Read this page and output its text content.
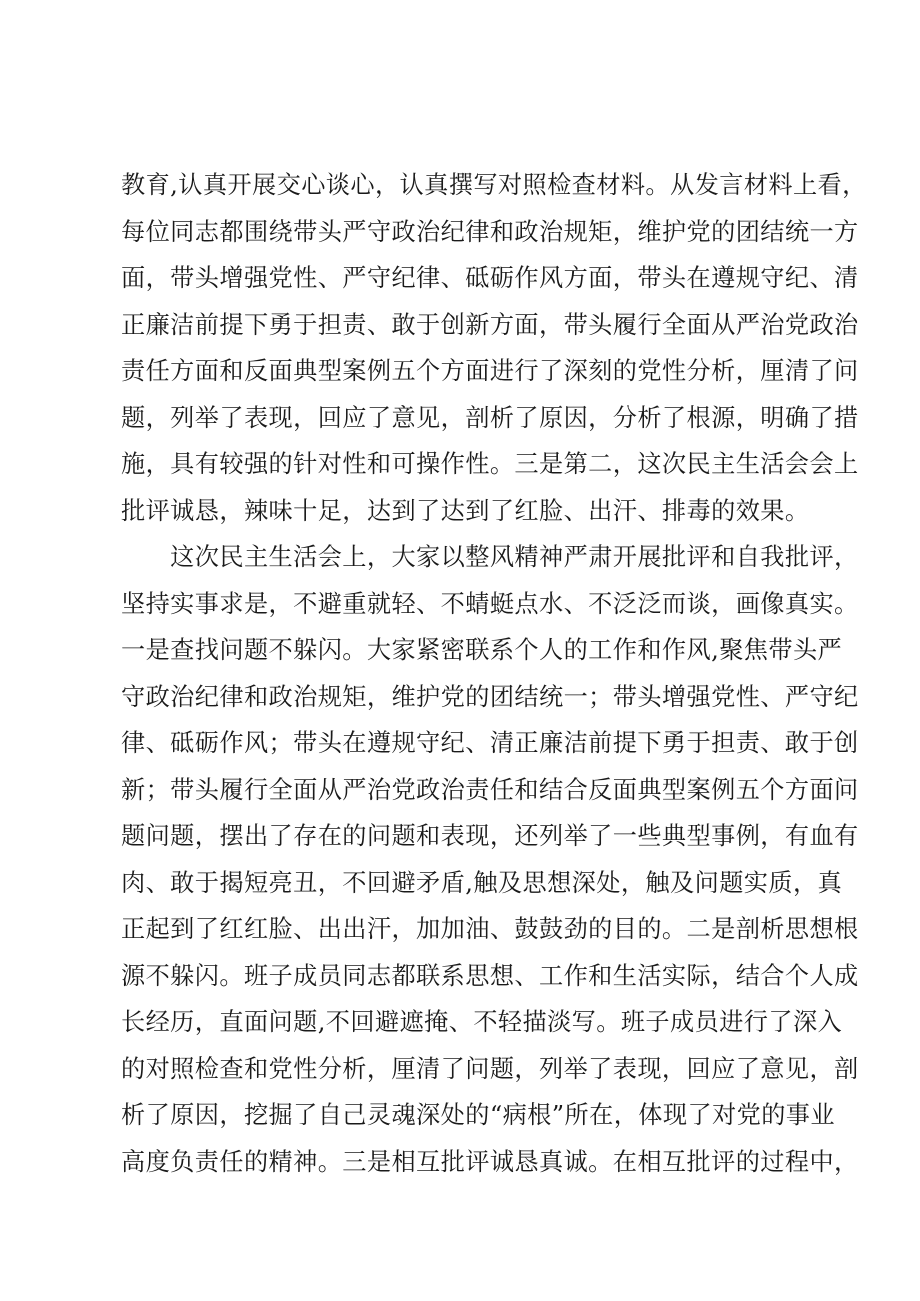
教育,认真开展交心谈心，认真撰写对照检查材料。从发言材料上看，
每位同志都围绕带头严守政治纪律和政治规矩，维护党的团结统一方
面，带头增强党性、严守纪律、砥砺作风方面，带头在遵规守纪、清
正廉洁前提下勇于担责、敢于创新方面，带头履行全面从严治党政治
责任方面和反面典型案例五个方面进行了深刻的党性分析，厘清了问
题，列举了表现，回应了意见，剖析了原因，分析了根源，明确了措
施，具有较强的针对性和可操作性。三是第二，这次民主生活会会上
批评诚恳，辣味十足，达到了达到了红脸、出汗、排毒的效果。
　　这次民主生活会上，大家以整风精神严肃开展批评和自我批评，
坚持实事求是，不避重就轻、不蜻蜓点水、不泛泛而谈，画像真实。
一是查找问题不躲闪。大家紧密联系个人的工作和作风,聚焦带头严
守政治纪律和政治规矩，维护党的团结统一；带头增强党性、严守纪
律、砥砺作风；带头在遵规守纪、清正廉洁前提下勇于担责、敢于创
新；带头履行全面从严治党政治责任和结合反面典型案例五个方面问
题问题，摆出了存在的问题和表现，还列举了一些典型事例，有血有
肉、敢于揭短亮丑，不回避矛盾,触及思想深处，触及问题实质，真
正起到了红红脸、出出汗，加加油、鼓鼓劲的目的。二是剖析思想根
源不躲闪。班子成员同志都联系思想、工作和生活实际，结合个人成
长经历，直面问题,不回避遮掩、不轻描淡写。班子成员进行了深入
的对照检查和党性分析，厘清了问题，列举了表现，回应了意见，剖
析了原因，挖掘了自己灵魂深处的“病根”所在，体现了对党的事业
高度负责任的精神。三是相互批评诚恳真诚。在相互批评的过程中，
